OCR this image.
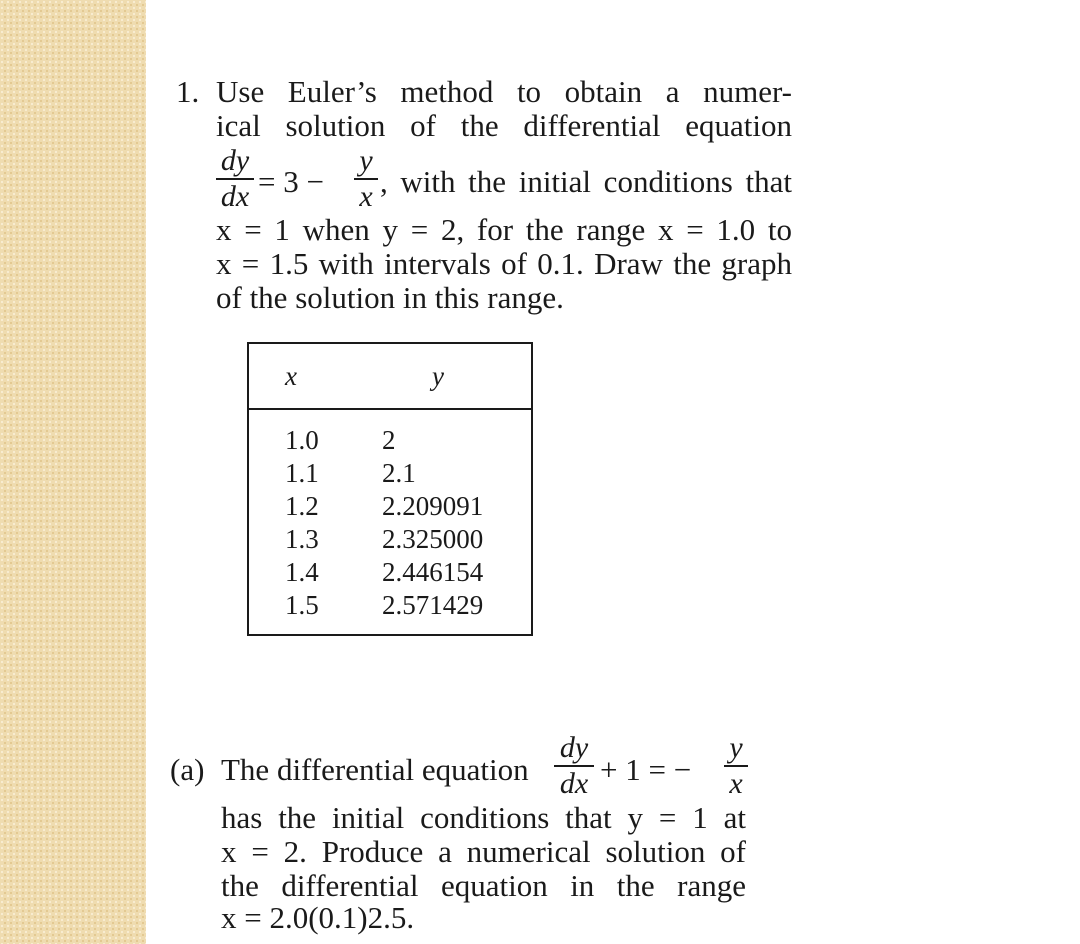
1. Use Euler’s method to obtain a numer-
ical solution of the differential equation
dy
dx = 3 −
y
x , with the initial conditions that
x = 1 when y = 2, for the range x = 1.0 to
x = 1.5 with intervals of 0.1. Draw the graph
of the solution in this range.
x	y
1.0	2
1.1	2.1
1.2	2.209091
1.3	2.325000
1.4	2.446154
1.5	2.571429
(a) The differential equation
dy
dx + 1 = −
y
x
has the initial conditions that y = 1 at
x = 2. Produce a numerical solution of
the differential equation in the range
x = 2.0(0.1)2.5.
